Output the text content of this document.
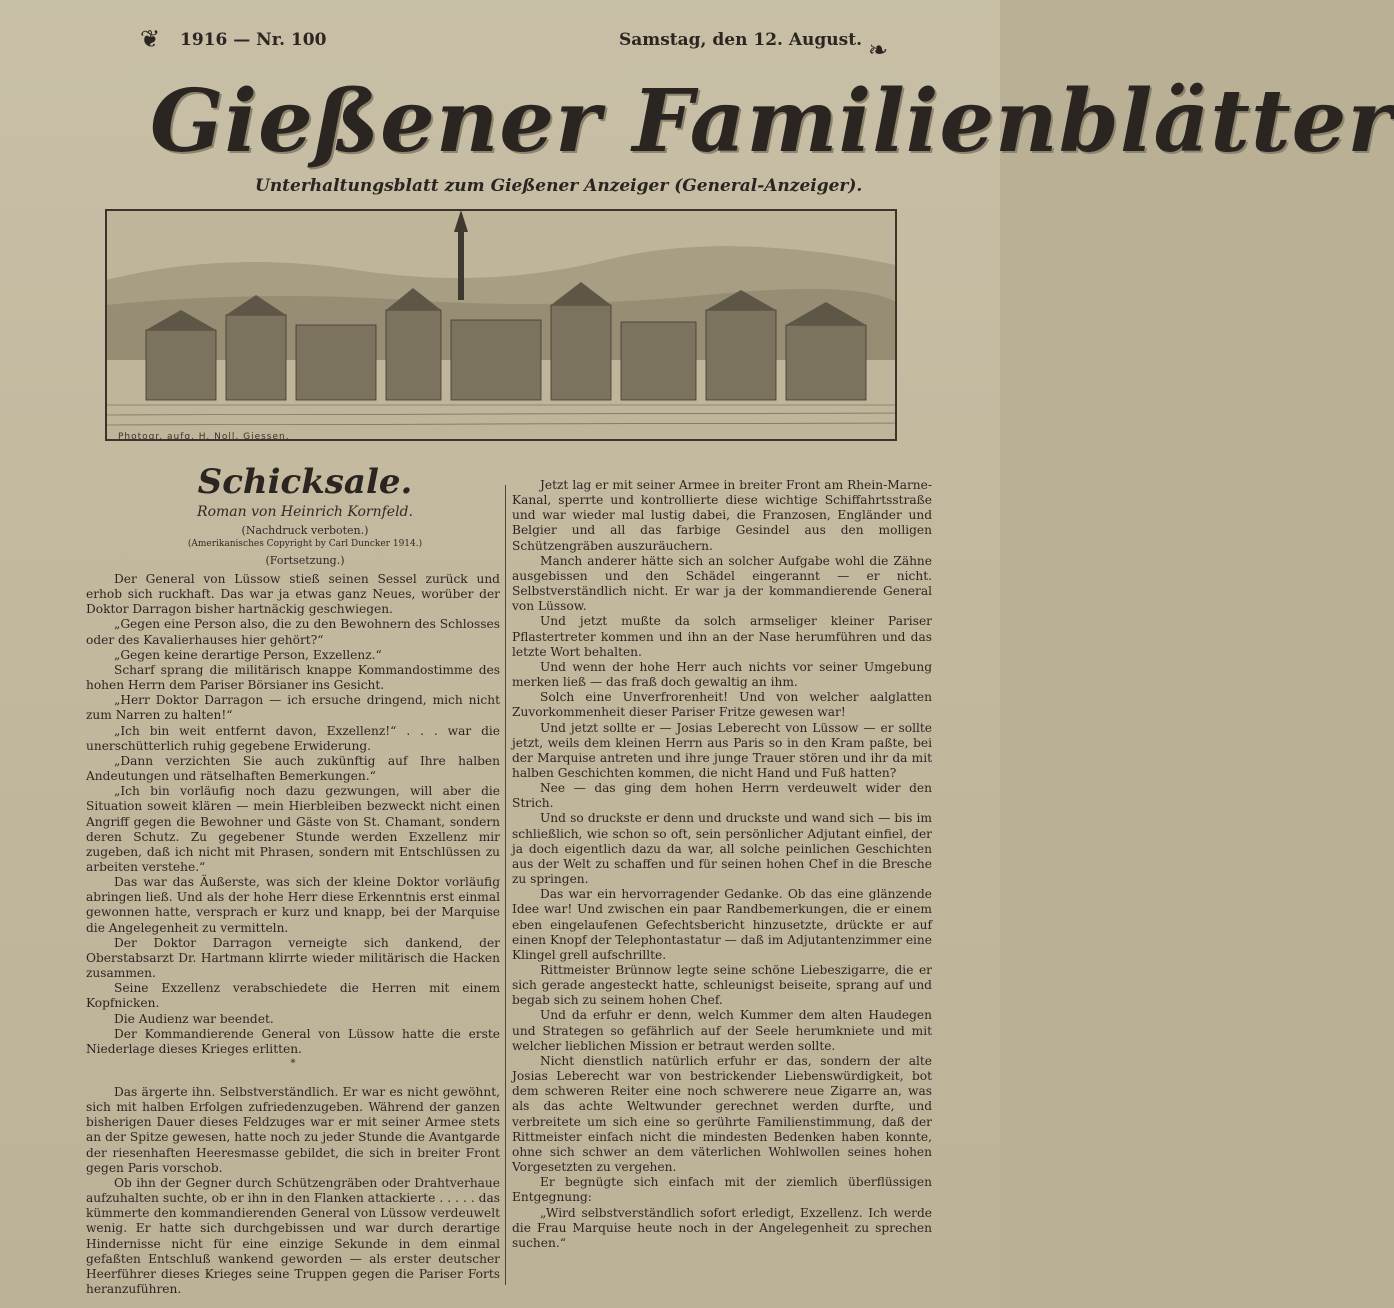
❦	❧
1916 — Nr. 100	Samstag, den 12. August.
Gießener Familienblätter
Unterhaltungsblatt zum Gießener Anzeiger (General-Anzeiger).
Photogr. aufg. H. Noll, Giessen.
Schicksale.
Roman von Heinrich Kornfeld.
(Nachdruck verboten.)
(Amerikanisches Copyright by Carl Duncker 1914.)
(Fortsetzung.)

Der General von Lüssow stieß seinen Sessel zurück und erhob sich ruckhaft. Das war ja etwas ganz Neues, worüber der Doktor Darragon bisher hartnäckig geschwiegen.

„Gegen eine Person also, die zu den Bewohnern des Schlosses oder des Kavalierhauses hier gehört?“

„Gegen keine derartige Person, Exzellenz.“

Scharf sprang die militärisch knappe Kommandostimme des hohen Herrn dem Pariser Börsianer ins Gesicht.

„Herr Doktor Darragon — ich ersuche dringend, mich nicht zum Narren zu halten!“

„Ich bin weit entfernt davon, Exzellenz!“ . . . war die unerschütterlich ruhig gegebene Erwiderung.

„Dann verzichten Sie auch zukünftig auf Ihre halben Andeutungen und rätselhaften Bemerkungen.“

„Ich bin vorläufig noch dazu gezwungen, will aber die Situation soweit klären — mein Hierbleiben bezweckt nicht einen Angriff gegen die Bewohner und Gäste von St. Chamant, sondern deren Schutz. Zu gegebener Stunde werden Exzellenz mir zugeben, daß ich nicht mit Phrasen, sondern mit Entschlüssen zu arbeiten verstehe.“

Das war das Äußerste, was sich der kleine Doktor vorläufig abringen ließ. Und als der hohe Herr diese Erkenntnis erst einmal gewonnen hatte, versprach er kurz und knapp, bei der Marquise die Angelegenheit zu vermitteln.

Der Doktor Darragon verneigte sich dankend, der Oberstabsarzt Dr. Hartmann klirrte wieder militärisch die Hacken zusammen.

Seine Exzellenz verabschiedete die Herren mit einem Kopfnicken.

Die Audienz war beendet.

Der Kommandierende General von Lüssow hatte die erste Niederlage dieses Krieges erlitten.

*

Das ärgerte ihn. Selbstverständlich. Er war es nicht gewöhnt, sich mit halben Erfolgen zufriedenzugeben. Während der ganzen bisherigen Dauer dieses Feldzuges war er mit seiner Armee stets an der Spitze gewesen, hatte noch zu jeder Stunde die Avantgarde der riesenhaften Heeresmasse gebildet, die sich in breiter Front gegen Paris vorschob.

Ob ihn der Gegner durch Schützengräben oder Drahtverhaue aufzuhalten suchte, ob er ihn in den Flanken attackierte . . . . . das kümmerte den kommandierenden General von Lüssow verdeuwelt wenig. Er hatte sich durchgebissen und war durch derartige Hindernisse nicht für eine einzige Sekunde in dem einmal gefaßten Entschluß wankend geworden — als erster deutscher Heerführer dieses Krieges seine Truppen gegen die Pariser Forts heranzuführen.

Jetzt lag er mit seiner Armee in breiter Front am Rhein-Marne-Kanal, sperrte und kontrollierte diese wichtige Schiffahrtsstraße und war wieder mal lustig dabei, die Franzosen, Engländer und Belgier und all das farbige Gesindel aus den molligen Schützengräben auszuräuchern.

Manch anderer hätte sich an solcher Aufgabe wohl die Zähne ausgebissen und den Schädel eingerannt — er nicht. Selbstverständlich nicht. Er war ja der kommandierende General von Lüssow.

Und jetzt mußte da solch armseliger kleiner Pariser Pflastertreter kommen und ihn an der Nase herumführen und das letzte Wort behalten.

Und wenn der hohe Herr auch nichts vor seiner Umgebung merken ließ — das fraß doch gewaltig an ihm.

Solch eine Unverfrorenheit! Und von welcher aalglatten Zuvorkommenheit dieser Pariser Fritze gewesen war!

Und jetzt sollte er — Josias Leberecht von Lüssow — er sollte jetzt, weils dem kleinen Herrn aus Paris so in den Kram paßte, bei der Marquise antreten und ihre junge Trauer stören und ihr da mit halben Geschichten kommen, die nicht Hand und Fuß hatten?

Nee — das ging dem hohen Herrn verdeuwelt wider den Strich.

Und so druckste er denn und druckste und wand sich — bis im schließlich, wie schon so oft, sein persönlicher Adjutant einfiel, der ja doch eigentlich dazu da war, all solche peinlichen Geschichten aus der Welt zu schaffen und für seinen hohen Chef in die Bresche zu springen.

Das war ein hervorragender Gedanke. Ob das eine glänzende Idee war! Und zwischen ein paar Randbemerkungen, die er einem eben eingelaufenen Gefechtsbericht hinzusetzte, drückte er auf einen Knopf der Telephontastatur — daß im Adjutantenzimmer eine Klingel grell aufschrillte.

Rittmeister Brünnow legte seine schöne Liebeszigarre, die er sich gerade angesteckt hatte, schleunigst beiseite, sprang auf und begab sich zu seinem hohen Chef.

Und da erfuhr er denn, welch Kummer dem alten Haudegen und Strategen so gefährlich auf der Seele herumkniete und mit welcher lieblichen Mission er betraut werden sollte.

Nicht dienstlich natürlich erfuhr er das, sondern der alte Josias Leberecht war von bestrickender Liebenswürdigkeit, bot dem schweren Reiter eine noch schwerere neue Zigarre an, was als das achte Weltwunder gerechnet werden durfte, und verbreitete um sich eine so gerührte Familienstimmung, daß der Rittmeister einfach nicht die mindesten Bedenken haben konnte, ohne sich schwer an dem väterlichen Wohlwollen seines hohen Vorgesetzten zu vergehen.

Er begnügte sich einfach mit der ziemlich überflüssigen Entgegnung:

„Wird selbstverständlich sofort erledigt, Exzellenz. Ich werde die Frau Marquise heute noch in der Angelegenheit zu sprechen suchen.“
